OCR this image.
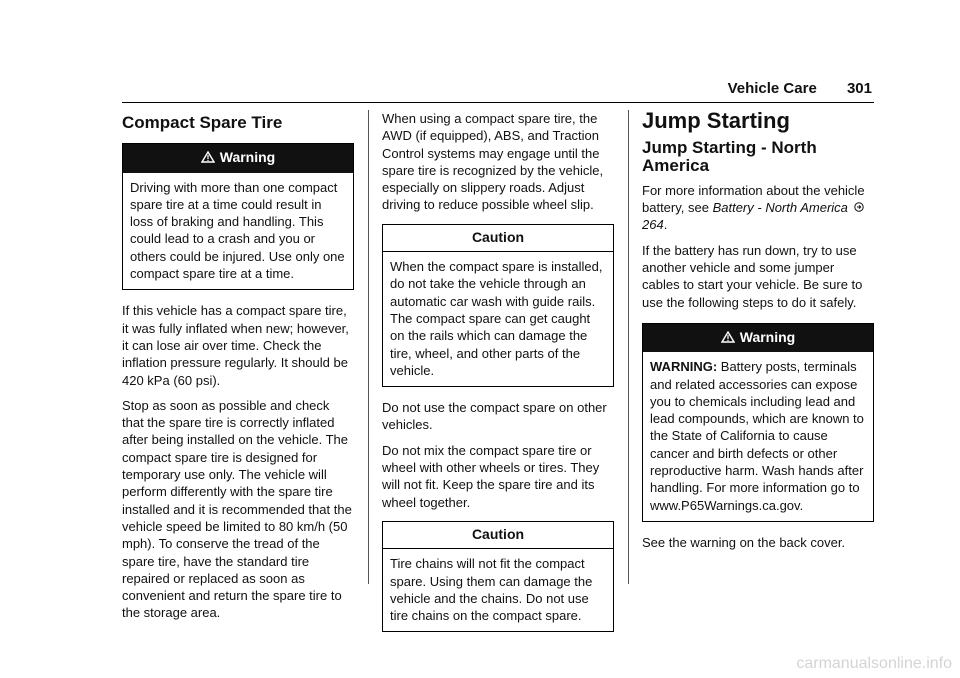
Vehicle Care 301
Compact Spare Tire
Warning
Driving with more than one compact spare tire at a time could result in loss of braking and handling. This could lead to a crash and you or others could be injured. Use only one compact spare tire at a time.

If this vehicle has a compact spare tire, it was fully inflated when new; however, it can lose air over time. Check the inflation pressure regularly. It should be 420 kPa (60 psi).

Stop as soon as possible and check that the spare tire is correctly inflated after being installed on the vehicle. The compact spare tire is designed for temporary use only. The vehicle will perform differently with the spare tire installed and it is recommended that the vehicle speed be limited to 80 km/h (50 mph). To conserve the tread of the spare tire, have the standard tire repaired or replaced as soon as convenient and return the spare tire to the storage area.

When using a compact spare tire, the AWD (if equipped), ABS, and Traction Control systems may engage until the spare tire is recognized by the vehicle, especially on slippery roads. Adjust driving to reduce possible wheel slip.

Caution
When the compact spare is installed, do not take the vehicle through an automatic car wash with guide rails. The compact spare can get caught on the rails which can damage the tire, wheel, and other parts of the vehicle.

Do not use the compact spare on other vehicles.

Do not mix the compact spare tire or wheel with other wheels or tires. They will not fit. Keep the spare tire and its wheel together.

Caution
Tire chains will not fit the compact spare. Using them can damage the vehicle and the chains. Do not use tire chains on the compact spare.
Jump Starting
Jump Starting - North America

For more information about the vehicle battery, see Battery - North America
264.

If the battery has run down, try to use another vehicle and some jumper cables to start your vehicle. Be sure to use the following steps to do it safely.

Warning
WARNING: Battery posts, terminals and related accessories can expose you to chemicals including lead and lead compounds, which are known to the State of California to cause cancer and birth defects or other reproductive harm. Wash hands after handling. For more information go to www.P65Warnings.ca.gov.

See the warning on the back cover.

carmanualsonline.info
